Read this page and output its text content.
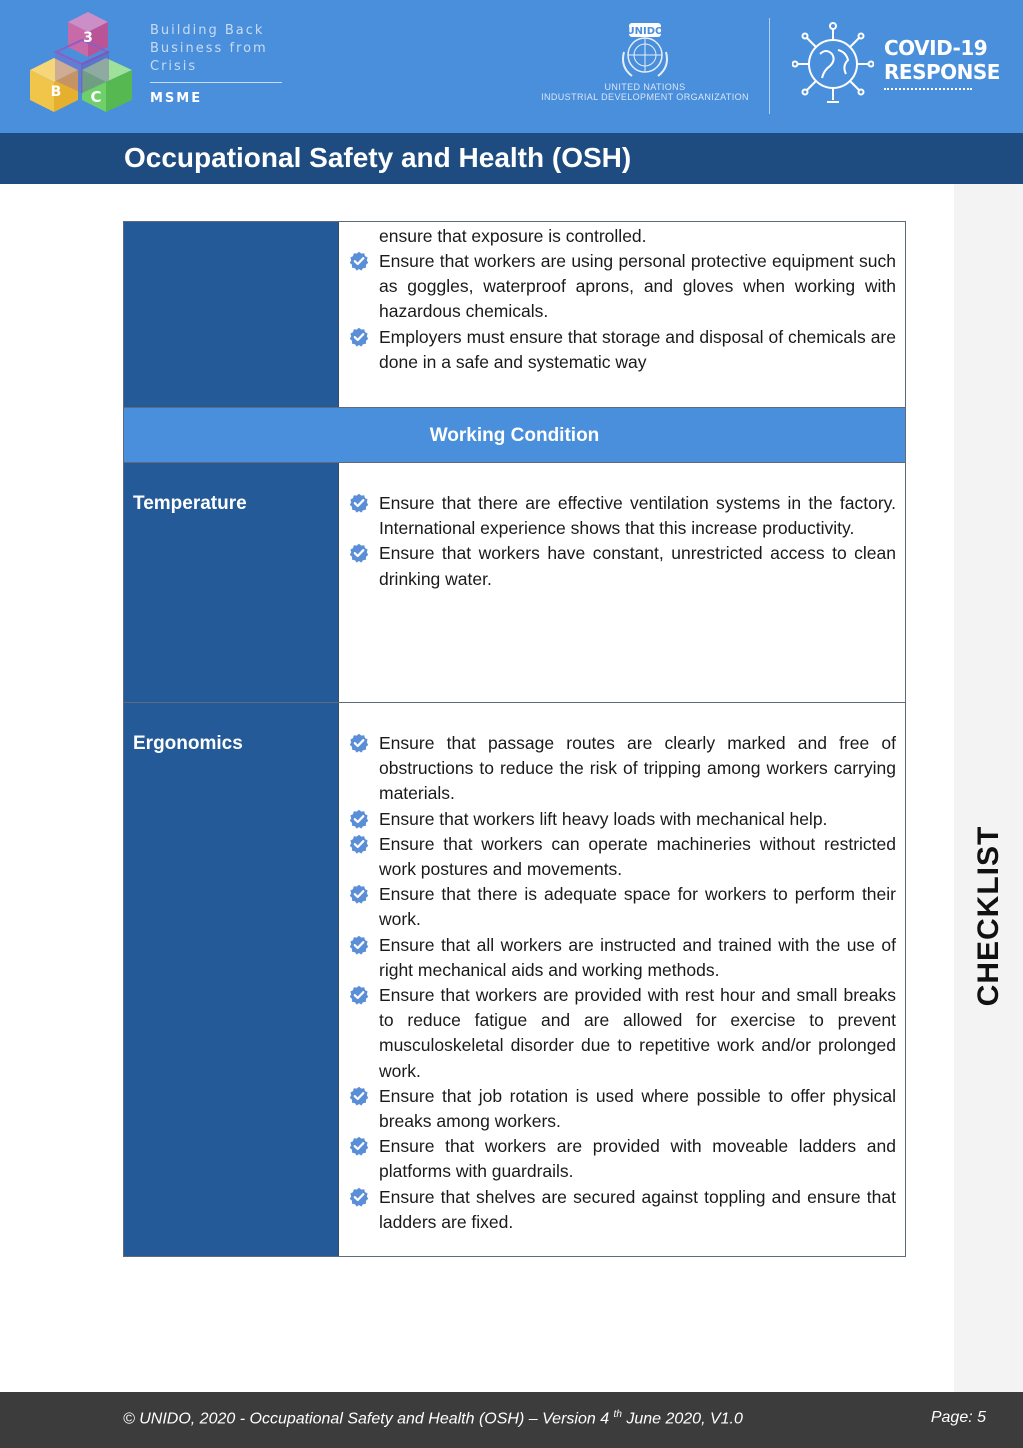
3
B C
Building Back
Business from
Crisis
MSME
UNIDO
UNITED NATIONS
INDUSTRIAL DEVELOPMENT ORGANIZATION
COVID-19
RESPONSE
Occupational Safety and Health (OSH)
CHECKLIST
ensure that exposure is controlled.
Ensure that workers are using personal protective equipment such as goggles, waterproof aprons, and gloves when working with hazardous chemicals.
Employers must ensure that storage and disposal of chemicals are done in a safe and systematic way
Working Condition
Temperature	Ensure that there are effective ventilation systems in the factory. International experience shows that this increase productivity.
Ensure that workers have constant, unrestricted access to clean drinking water.
Ergonomics	Ensure that passage routes are clearly marked and free of obstructions to reduce the risk of tripping among workers carrying materials.
Ensure that workers lift heavy loads with mechanical help.
Ensure that workers can operate machineries without restricted work postures and movements.
Ensure that there is adequate space for workers to perform their work.
Ensure that all workers are instructed and trained with the use of right mechanical aids and working methods.
Ensure that workers are provided with rest hour and small breaks to reduce fatigue and are allowed for exercise to prevent musculoskeletal disorder due to repetitive work and/or prolonged work.
Ensure that job rotation is used where possible to offer physical breaks among workers.
Ensure that workers are provided with moveable ladders and platforms with guardrails.
Ensure that shelves are secured against toppling and ensure that ladders are fixed.
© UNIDO, 2020 - Occupational Safety and Health (OSH) – Version 4 $^{th}$ June 2020, V1.0	Page: 5
